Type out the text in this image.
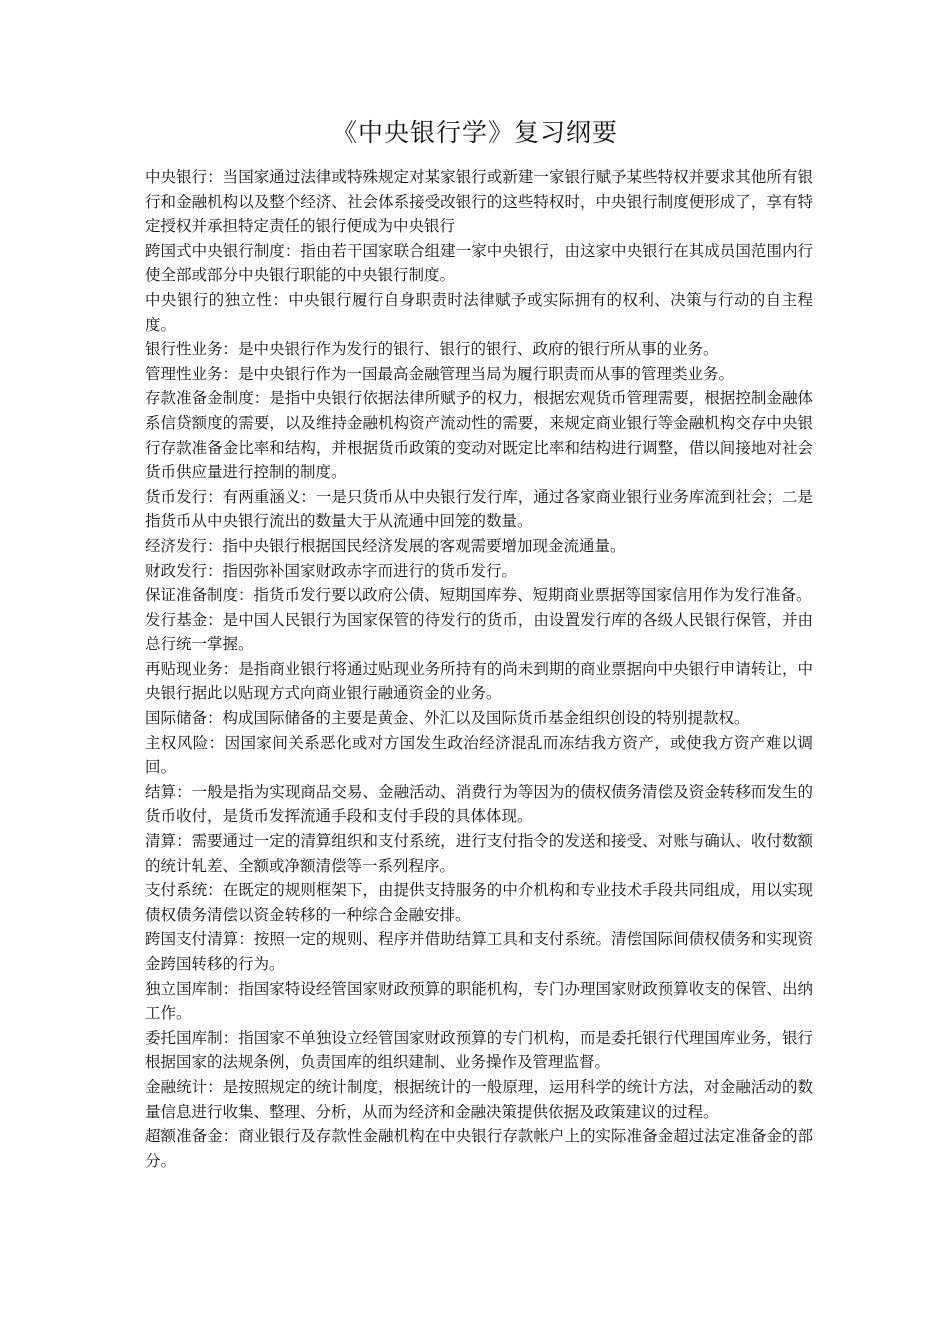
《中央银行学》复习纲要

中央银行：当国家通过法律或特殊规定对某家银行或新建一家银行赋予某些特权并要求其他所有银行和金融机构以及整个经济、社会体系接受改银行的这些特权时，中央银行制度便形成了，享有特定授权并承担特定责任的银行便成为中央银行

跨国式中央银行制度：指由若干国家联合组建一家中央银行，由这家中央银行在其成员国范围内行使全部或部分中央银行职能的中央银行制度。

中央银行的独立性：中央银行履行自身职责时法律赋予或实际拥有的权利、决策与行动的自主程度。

银行性业务：是中央银行作为发行的银行、银行的银行、政府的银行所从事的业务。

管理性业务：是中央银行作为一国最高金融管理当局为履行职责而从事的管理类业务。

存款准备金制度：是指中央银行依据法律所赋予的权力，根据宏观货币管理需要，根据控制金融体系信贷额度的需要，以及维持金融机构资产流动性的需要，来规定商业银行等金融机构交存中央银行存款准备金比率和结构，并根据货币政策的变动对既定比率和结构进行调整，借以间接地对社会货币供应量进行控制的制度。

货币发行：有两重涵义：一是只货币从中央银行发行库，通过各家商业银行业务库流到社会；二是指货币从中央银行流出的数量大于从流通中回笼的数量。

经济发行：指中央银行根据国民经济发展的客观需要增加现金流通量。

财政发行：指因弥补国家财政赤字而进行的货币发行。

保证准备制度：指货币发行要以政府公债、短期国库券、短期商业票据等国家信用作为发行准备。

发行基金：是中国人民银行为国家保管的待发行的货币，由设置发行库的各级人民银行保管，并由总行统一掌握。

再贴现业务：是指商业银行将通过贴现业务所持有的尚未到期的商业票据向中央银行申请转让，中央银行据此以贴现方式向商业银行融通资金的业务。

国际储备：构成国际储备的主要是黄金、外汇以及国际货币基金组织创设的特别提款权。

主权风险：因国家间关系恶化或对方国发生政治经济混乱而冻结我方资产，或使我方资产难以调回。

结算：一般是指为实现商品交易、金融活动、消费行为等因为的债权债务清偿及资金转移而发生的货币收付，是货币发挥流通手段和支付手段的具体体现。

清算：需要通过一定的清算组织和支付系统，进行支付指令的发送和接受、对账与确认、收付数额的统计轧差、全额或净额清偿等一系列程序。

支付系统：在既定的规则框架下，由提供支持服务的中介机构和专业技术手段共同组成，用以实现债权债务清偿以资金转移的一种综合金融安排。

跨国支付清算：按照一定的规则、程序并借助结算工具和支付系统。清偿国际间债权债务和实现资金跨国转移的行为。

独立国库制：指国家特设经管国家财政预算的职能机构，专门办理国家财政预算收支的保管、出纳工作。

委托国库制：指国家不单独设立经管国家财政预算的专门机构，而是委托银行代理国库业务，银行根据国家的法规条例，负责国库的组织建制、业务操作及管理监督。

金融统计：是按照规定的统计制度，根据统计的一般原理，运用科学的统计方法，对金融活动的数量信息进行收集、整理、分析，从而为经济和金融决策提供依据及政策建议的过程。

超额准备金：商业银行及存款性金融机构在中央银行存款帐户上的实际准备金超过法定准备金的部分。
